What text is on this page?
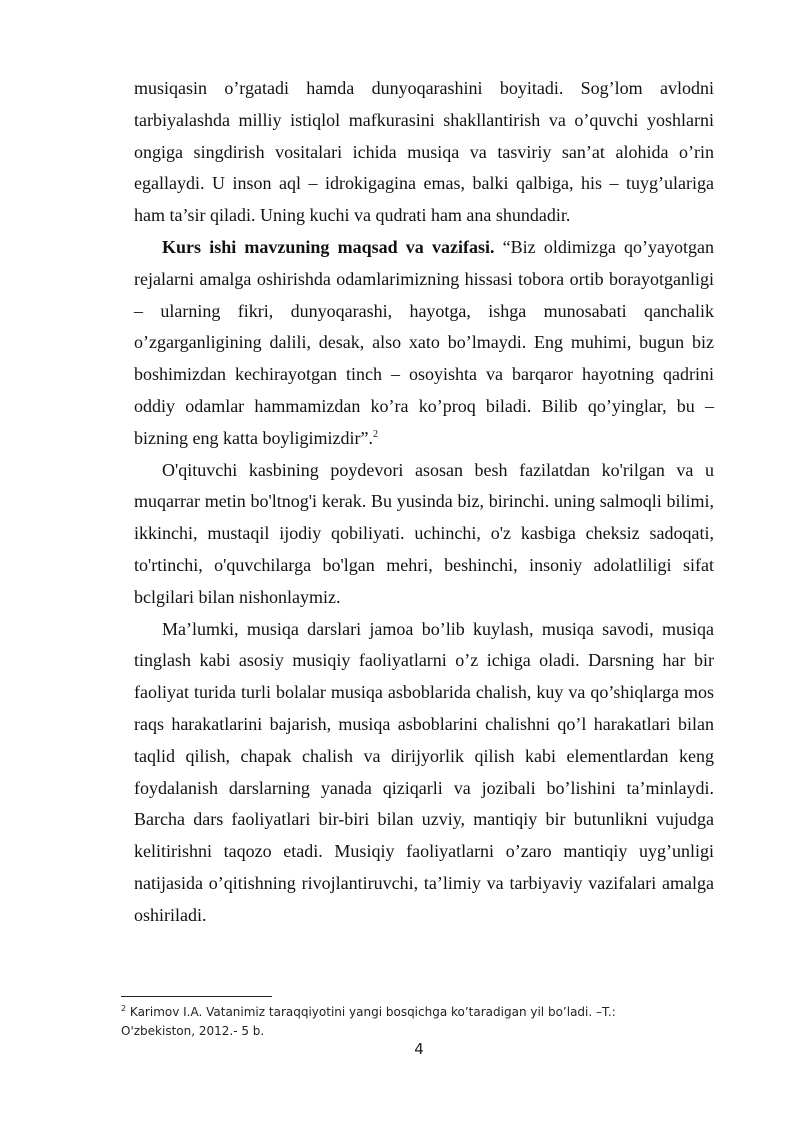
musiqasin o’rgatadi hamda dunyoqarashini boyitadi. Sog’lom avlodni tarbiyalashda milliy istiqlol mafkurasini shakllantirish va o’quvchi yoshlarni ongiga singdirish vositalari ichida musiqa va tasviriy san’at alohida o’rin egallaydi. U inson aql – idrokigagina emas, balki qalbiga, his – tuyg’ulariga ham ta’sir qiladi. Uning kuchi va qudrati ham ana shundadir.

Kurs ishi mavzuning maqsad va vazifasi. “Biz oldimizga qo’yayotgan rejalarni amalga oshirishda odamlarimizning hissasi tobora ortib borayotganligi – ularning fikri, dunyoqarashi, hayotga, ishga munosabati qanchalik o’zgarganligining dalili, desak, also xato bo’lmaydi. Eng muhimi, bugun biz boshimizdan kechirayotgan tinch – osoyishta va barqaror hayotning qadrini oddiy odamlar hammamizdan ko’ra ko’proq biladi. Bilib qo’yinglar, bu – bizning eng katta boyligimizdir”.$^2$

O'qituvchi kasbining poydevori asosan besh fazilatdan ko'rilgan va u muqarrar metin bo'ltnog'i kerak. Bu yusinda biz, birinchi. uning salmoqli bilimi, ikkinchi, mustaqil ijodiy qobiliyati. uchinchi, o'z kasbiga cheksiz sadoqati, to'rtinchi, o'quvchilarga bo'lgan mehri, beshinchi, insoniy adolatliligi sifat bclgilari bilan nishonlaymiz.

Ma’lumki, musiqa darslari jamoa bo’lib kuylash, musiqa savodi, musiqa tinglash kabi asosiy musiqiy faoliyatlarni o’z ichiga oladi. Darsning har bir faoliyat turida turli bolalar musiqa asboblarida chalish, kuy va qo’shiqlarga mos raqs harakatlarini bajarish, musiqa asboblarini chalishni qo’l harakatlari bilan taqlid qilish, chapak chalish va dirijyorlik qilish kabi elementlardan keng foydalanish darslarning yanada qiziqarli va jozibali bo’lishini ta’minlaydi. Barcha dars faoliyatlari bir-biri bilan uzviy, mantiqiy bir butunlikni vujudga kelitirishni taqozo etadi. Musiqiy faoliyatlarni o’zaro mantiqiy uyg’unligi natijasida o’qitishning rivojlantiruvchi, ta’limiy va tarbiyaviy vazifalari amalga oshiriladi.

$^2$ Karimov I.A. Vatanimiz taraqqiyotini yangi bosqichga ko’taradigan yil bo’ladi. –T.: O'zbekiston, 2012.- 5 b.
4
